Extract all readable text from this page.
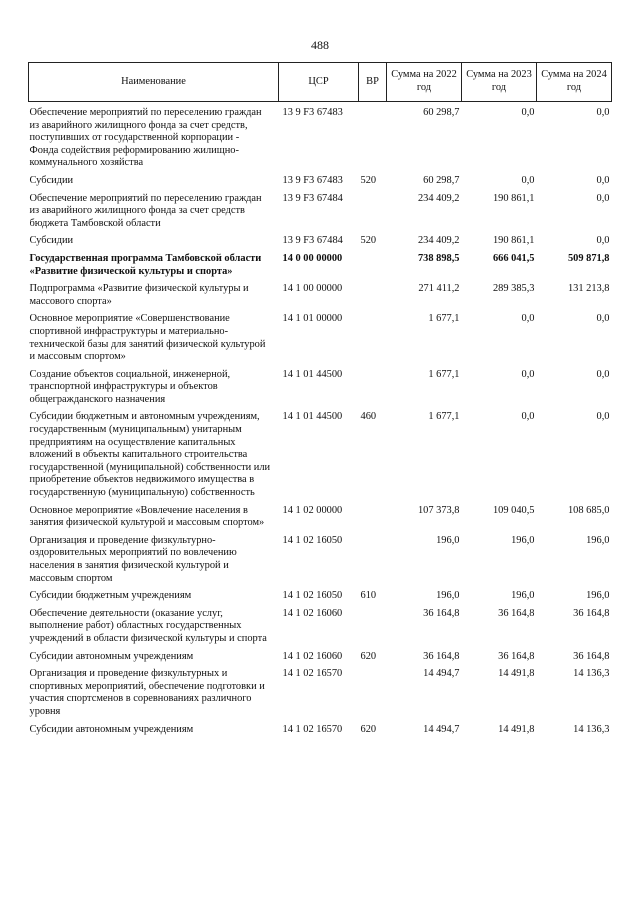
488
Наименование	ЦСР	ВР	Сумма на 2022 год	Сумма на 2023 год	Сумма на 2024 год
Обеспечение мероприятий по переселению граждан из аварийного жилищного фонда за счет средств, поступивших от государственной корпорации - Фонда содействия реформированию жилищно-коммунального хозяйства	13 9 F3 67483		60 298,7	0,0	0,0
Субсидии	13 9 F3 67483	520	60 298,7	0,0	0,0
Обеспечение мероприятий по переселению граждан из аварийного жилищного фонда за счет средств бюджета Тамбовской области	13 9 F3 67484		234 409,2	190 861,1	0,0
Субсидии	13 9 F3 67484	520	234 409,2	190 861,1	0,0
Государственная программа Тамбовской области «Развитие физической культуры и спорта»	14 0 00 00000		738 898,5	666 041,5	509 871,8
Подпрограмма «Развитие физической культуры и массового спорта»	14 1 00 00000		271 411,2	289 385,3	131 213,8
Основное мероприятие «Совершенствование спортивной инфраструктуры и материально-технической базы для занятий физической культурой и массовым спортом»	14 1 01 00000		1 677,1	0,0	0,0
Создание объектов социальной, инженерной, транспортной инфраструктуры и объектов общегражданского назначения	14 1 01 44500		1 677,1	0,0	0,0
Субсидии бюджетным и автономным учреждениям, государственным (муниципальным) унитарным предприятиям на осуществление капитальных вложений в объекты капитального строительства государственной (муниципальной) собственности или приобретение объектов недвижимого имущества в государственную (муниципальную) собственность	14 1 01 44500	460	1 677,1	0,0	0,0
Основное мероприятие «Вовлечение населения в занятия физической культурой и массовым спортом»	14 1 02 00000		107 373,8	109 040,5	108 685,0
Организация и проведение физкультурно-оздоровительных мероприятий по вовлечению населения в занятия физической культурой и массовым спортом	14 1 02 16050		196,0	196,0	196,0
Субсидии бюджетным учреждениям	14 1 02 16050	610	196,0	196,0	196,0
Обеспечение деятельности (оказание услуг, выполнение работ) областных государственных учреждений в области физической культуры и спорта	14 1 02 16060		36 164,8	36 164,8	36 164,8
Субсидии автономным учреждениям	14 1 02 16060	620	36 164,8	36 164,8	36 164,8
Организация и проведение физкультурных и спортивных мероприятий, обеспечение подготовки и участия спортсменов в соревнованиях различного уровня	14 1 02 16570		14 494,7	14 491,8	14 136,3
Субсидии автономным учреждениям	14 1 02 16570	620	14 494,7	14 491,8	14 136,3
